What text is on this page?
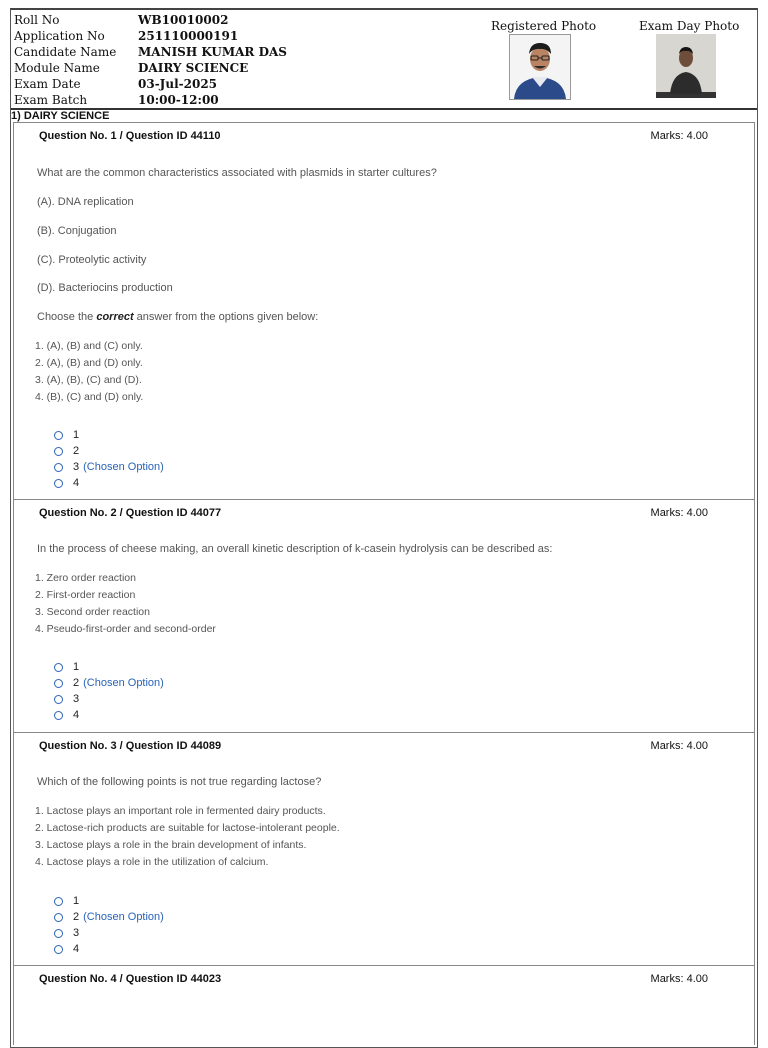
Roll No	WB10010002
Application No	251110000191
Candidate Name	MANISH KUMAR DAS
Module Name	DAIRY SCIENCE
Exam Date	03-Jul-2025
Exam Batch	10:00-12:00
Registered Photo	Exam Day Photo
1) DAIRY SCIENCE
Question No. 1 / Question ID 44110	Marks: 4.00
What are the common characteristics associated with plasmids in starter cultures?
(A). DNA replication
(B). Conjugation
(C). Proteolytic activity
(D). Bacteriocins production
Choose the correct answer from the options given below:
1. (A), (B) and (C) only.
2. (A), (B) and (D) only.
3. (A), (B), (C) and (D).
4. (B), (C) and (D) only.
1
2
3 (Chosen Option)
4
Question No. 2 / Question ID 44077	Marks: 4.00
In the process of cheese making, an overall kinetic description of k-casein hydrolysis can be described as:
1. Zero order reaction
2. First-order reaction
3. Second order reaction
4. Pseudo-first-order and second-order
1
2 (Chosen Option)
3
4
Question No. 3 / Question ID 44089	Marks: 4.00
Which of the following points is not true regarding lactose?
1. Lactose plays an important role in fermented dairy products.
2. Lactose-rich products are suitable for lactose-intolerant people.
3. Lactose plays a role in the brain development of infants.
4. Lactose plays a role in the utilization of calcium.
1
2 (Chosen Option)
3
4
Question No. 4 / Question ID 44023	Marks: 4.00
